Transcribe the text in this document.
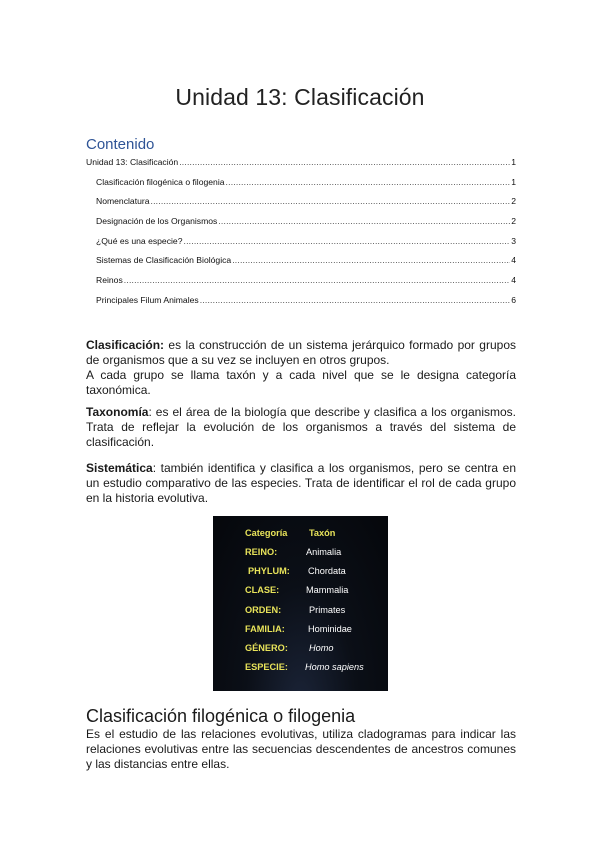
Unidad 13: Clasificación
Contenido
Unidad 13: Clasificación .....	1
Clasificación filogénica o filogenia .....	1
Nomenclatura .....	2
Designación de los Organismos .....	2
¿Qué es una especie? .....	3
Sistemas de Clasificación Biológica .....	4
Reinos .....	4
Principales Filum Animales .....	6
Clasificación: es la construcción de un sistema jerárquico formado por grupos de organismos que a su vez se incluyen en otros grupos.
A cada grupo se llama taxón y a cada nivel que se le designa categoría taxonómica.
Taxonomía: es el área de la biología que describe y clasifica a los organismos. Trata de reflejar la evolución de los organismos a través del sistema de clasificación.
Sistemática: también identifica y clasifica a los organismos, pero se centra en un estudio comparativo de las especies. Trata de identificar el rol de cada grupo en la historia evolutiva.
Categoría Taxón
REINO:	Animalia
PHYLUM: Chordata
CLASE:	Mammalia
ORDEN:	Primates
FAMILIA:	Hominidae
GÉNERO: Homo
ESPECIE: Homo sapiens
Clasificación filogénica o filogenia
Es el estudio de las relaciones evolutivas, utiliza cladogramas para indicar las relaciones evolutivas entre las secuencias descendentes de ancestros comunes y las distancias entre ellas.
